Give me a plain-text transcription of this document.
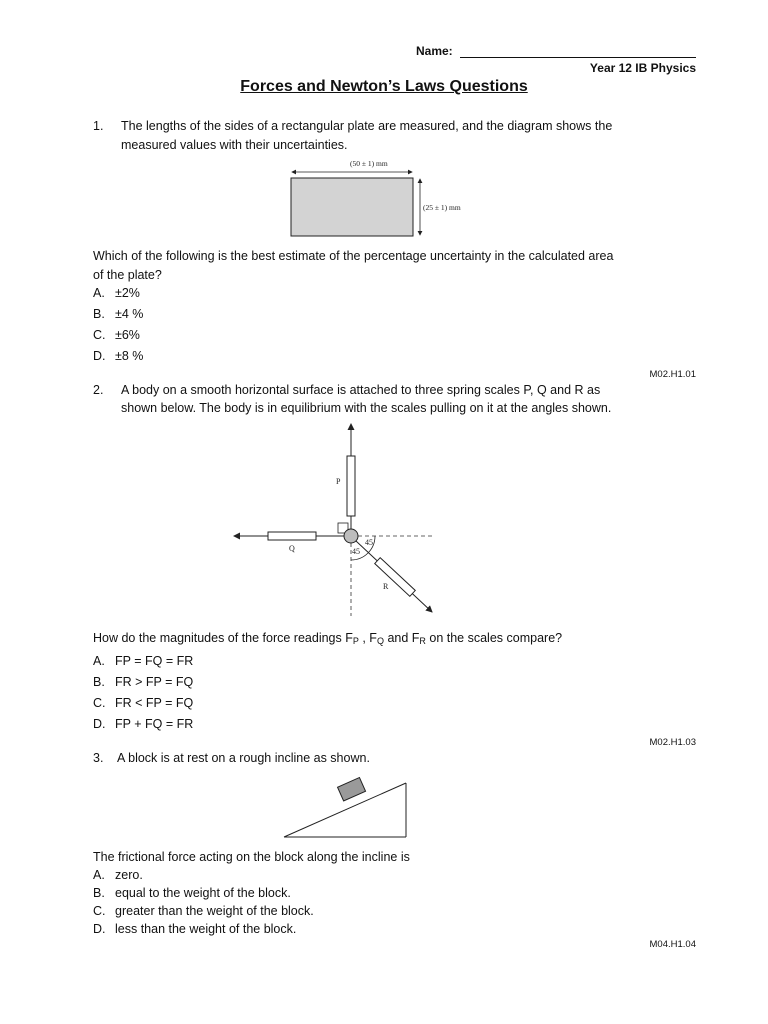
Name:
Year 12 IB Physics
Forces and Newton’s Laws Questions
1. The lengths of the sides of a rectangular plate are measured, and the diagram shows the
measured values with their uncertainties.
(50 ± 1) mm
(25 ± 1) mm
Which of the following is the best estimate of the percentage uncertainty in the calculated area
of the plate?
A. ±2%
B. ±4 %
C. ±6%
D. ±8 %
M02.H1.01
2. A body on a smooth horizontal surface is attached to three spring scales P, Q and R as
shown below. The body is in equilibrium with the scales pulling on it at the angles shown.
P
Q
R
45
45
How do the magnitudes of the force readings $F_P$ , $F_Q$ and $F_R$ on the scales compare?
A. FP = FQ = FR
B. FR > FP = FQ
C. FR < FP = FQ
D. FP + FQ = FR
M02.H1.03
3. A block is at rest on a rough incline as shown.
The frictional force acting on the block along the incline is
A. zero.
B. equal to the weight of the block.
C. greater than the weight of the block.
D. less than the weight of the block.
M04.H1.04
